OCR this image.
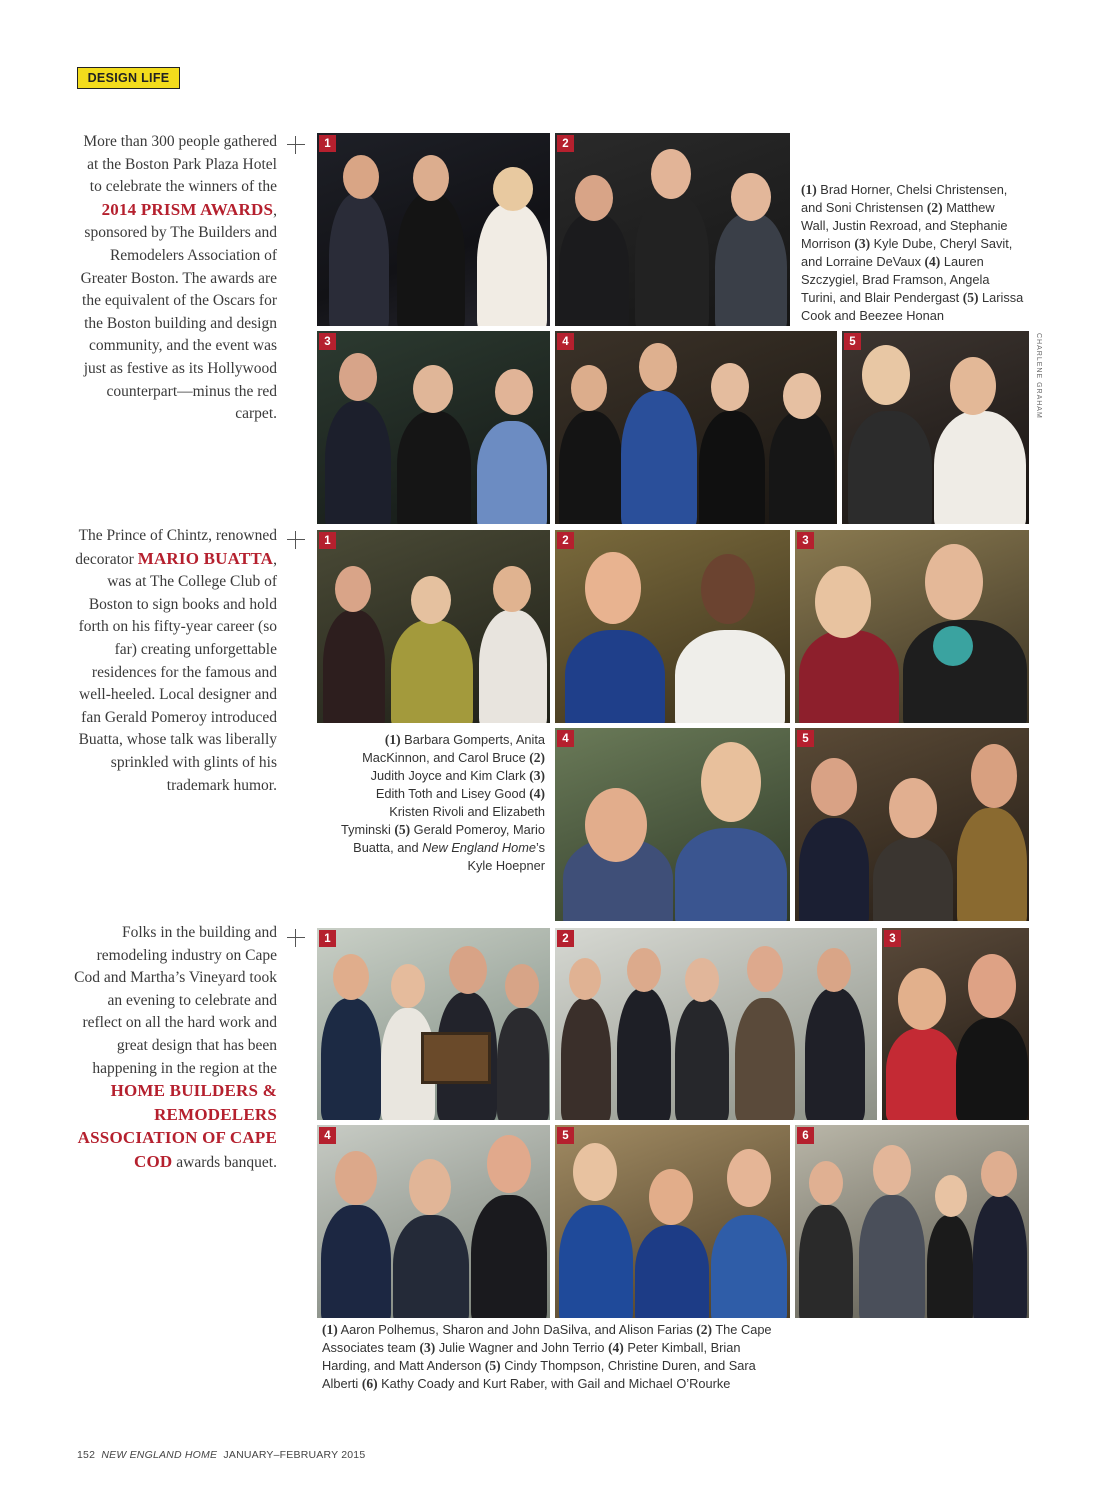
DESIGN LIFE
More than 300 people gathered at the Boston Park Plaza Hotel to celebrate the winners of the 2014 PRISM AWARDS, sponsored by The Builders and Remodelers Association of Greater Boston. The awards are the equivalent of the Oscars for the Boston building and design community, and the event was just as festive as its Hollywood counterpart—minus the red carpet.
1	2
(1) Brad Horner, Chelsi Christensen, and Soni Christensen (2) Matthew Wall, Justin Rexroad, and Stephanie Morrison (3) Kyle Dube, Cheryl Savit, and Lorraine DeVaux (4) Lauren Szczygiel, Brad Framson, Angela Turini, and Blair Pendergast (5) Larissa Cook and Beezee Honan
CHARLENE GRAHAM
3	4	5
The Prince of Chintz, renowned decorator MARIO BUATTA, was at The College Club of Boston to sign books and hold forth on his fifty-year career (so far) creating unforgettable residences for the famous and well-heeled. Local designer and fan Gerald Pomeroy introduced Buatta, whose talk was liberally sprinkled with glints of his trademark humor.
1	2	3
(1) Barbara Gomperts, Anita MacKinnon, and Carol Bruce (2) Judith Joyce and Kim Clark (3) Edith Toth and Lisey Good (4) Kristen Rivoli and Elizabeth Tyminski (5) Gerald Pomeroy, Mario Buatta, and New England Home’s Kyle Hoepner
4	5
Folks in the building and remodeling industry on Cape Cod and Martha’s Vineyard took an evening to celebrate and reflect on all the hard work and great design that has been happening in the region at the HOME BUILDERS & REMODELERS ASSOCIATION OF CAPE COD awards banquet.
1	2	3
4	5	6
(1) Aaron Polhemus, Sharon and John DaSilva, and Alison Farias (2) The Cape Associates team (3) Julie Wagner and John Terrio (4) Peter Kimball, Brian Harding, and Matt Anderson (5) Cindy Thompson, Christine Duren, and Sara Alberti (6) Kathy Coady and Kurt Raber, with Gail and Michael O’Rourke
152 NEW ENGLAND HOME JANUARY–FEBRUARY 2015
